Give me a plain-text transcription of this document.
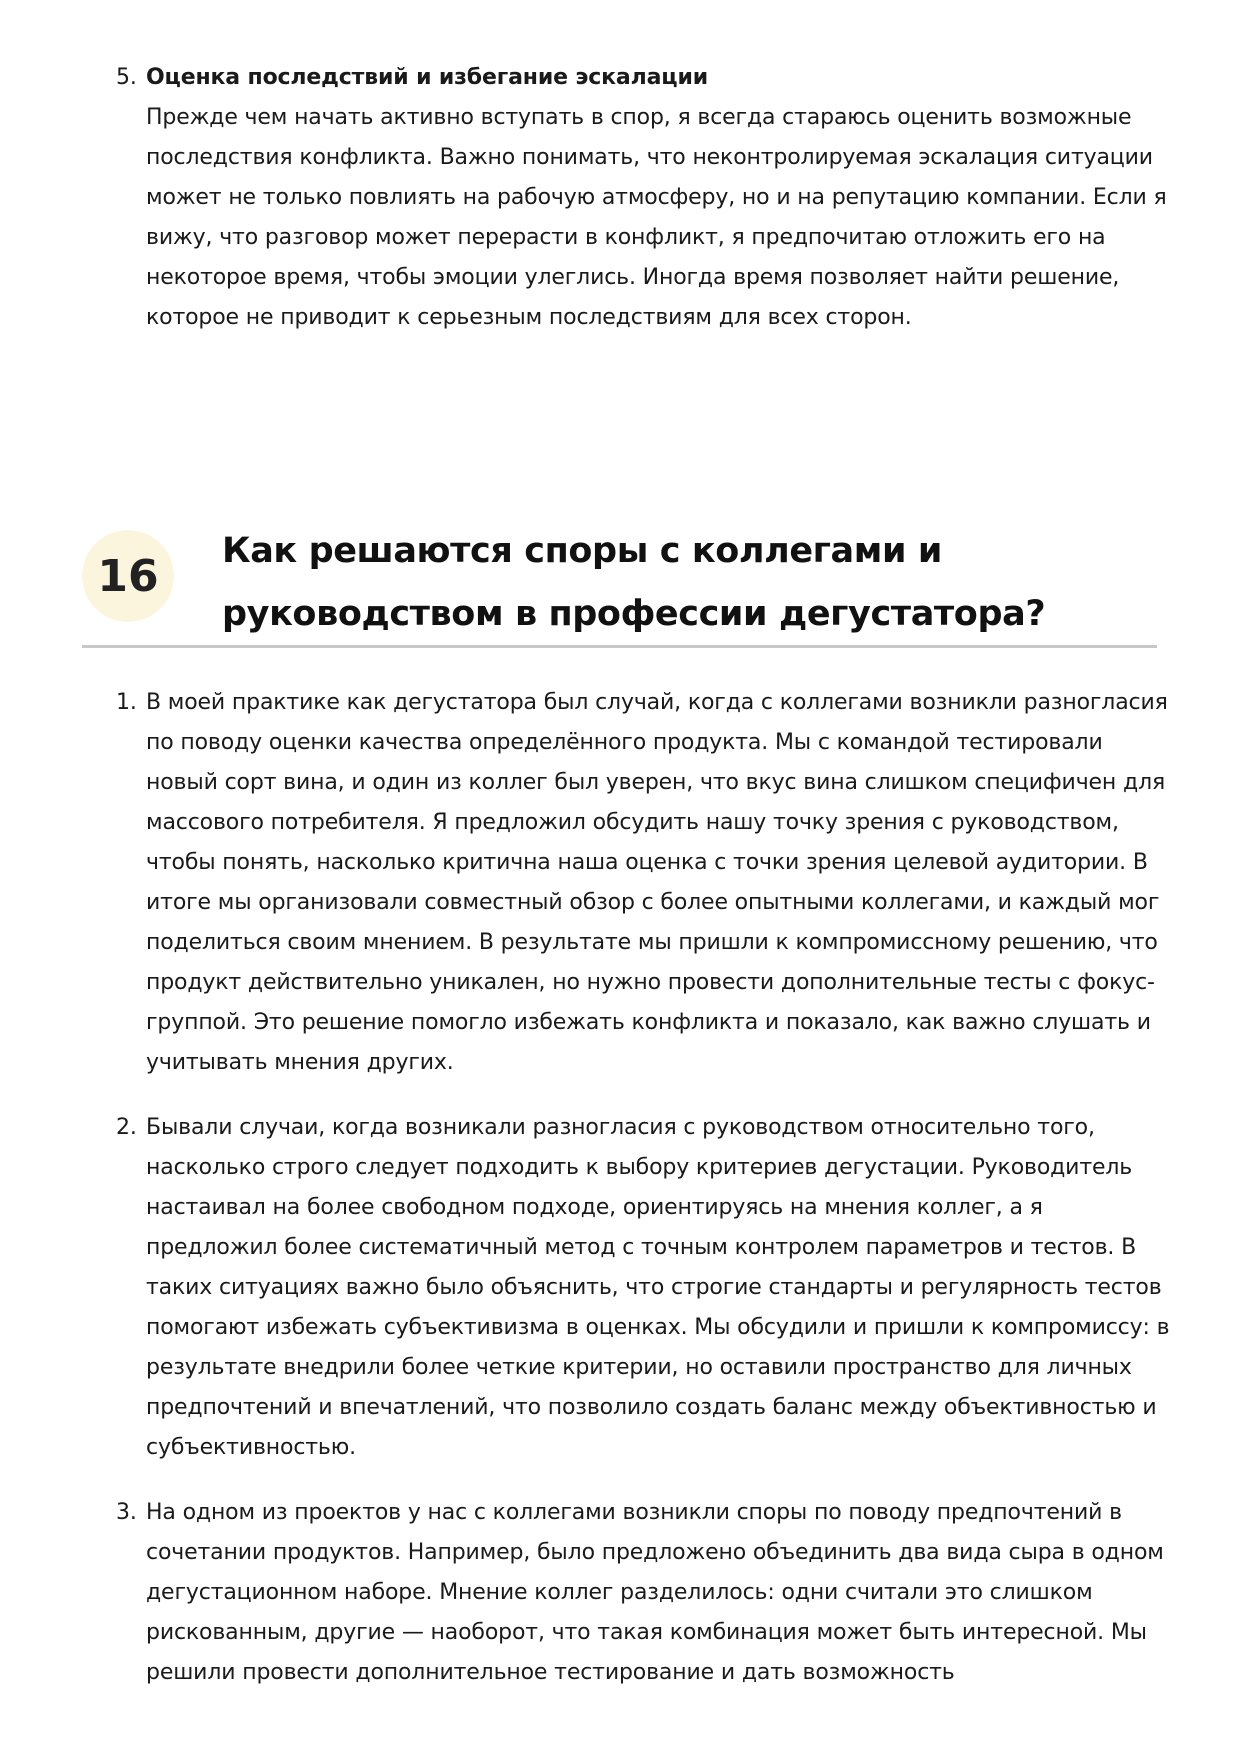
5. Оценка последствий и избегание эскалации
Прежде чем начать активно вступать в спор, я всегда стараюсь оценить возможные последствия конфликта. Важно понимать, что неконтролируемая эскалация ситуации может не только повлиять на рабочую атмосферу, но и на репутацию компании. Если я вижу, что разговор может перерасти в конфликт, я предпочитаю отложить его на некоторое время, чтобы эмоции улеглись. Иногда время позволяет найти решение, которое не приводит к серьезным последствиям для всех сторон.
16	Как решаются споры с коллегами и руководством в профессии дегустатора?
1. В моей практике как дегустатора был случай, когда с коллегами возникли разногласия по поводу оценки качества определённого продукта. Мы с командой тестировали новый сорт вина, и один из коллег был уверен, что вкус вина слишком специфичен для массового потребителя. Я предложил обсудить нашу точку зрения с руководством, чтобы понять, насколько критична наша оценка с точки зрения целевой аудитории. В итоге мы организовали совместный обзор с более опытными коллегами, и каждый мог поделиться своим мнением. В результате мы пришли к компромиссному решению, что продукт действительно уникален, но нужно провести дополнительные тесты с фокус-группой. Это решение помогло избежать конфликта и показало, как важно слушать и учитывать мнения других.
2. Бывали случаи, когда возникали разногласия с руководством относительно того, насколько строго следует подходить к выбору критериев дегустации. Руководитель настаивал на более свободном подходе, ориентируясь на мнения коллег, а я предложил более систематичный метод с точным контролем параметров и тестов. В таких ситуациях важно было объяснить, что строгие стандарты и регулярность тестов помогают избежать субъективизма в оценках. Мы обсудили и пришли к компромиссу: в результате внедрили более четкие критерии, но оставили пространство для личных предпочтений и впечатлений, что позволило создать баланс между объективностью и субъективностью.
3. На одном из проектов у нас с коллегами возникли споры по поводу предпочтений в сочетании продуктов. Например, было предложено объединить два вида сыра в одном дегустационном наборе. Мнение коллег разделилось: одни считали это слишком рискованным, другие — наоборот, что такая комбинация может быть интересной. Мы решили провести дополнительное тестирование и дать возможность
